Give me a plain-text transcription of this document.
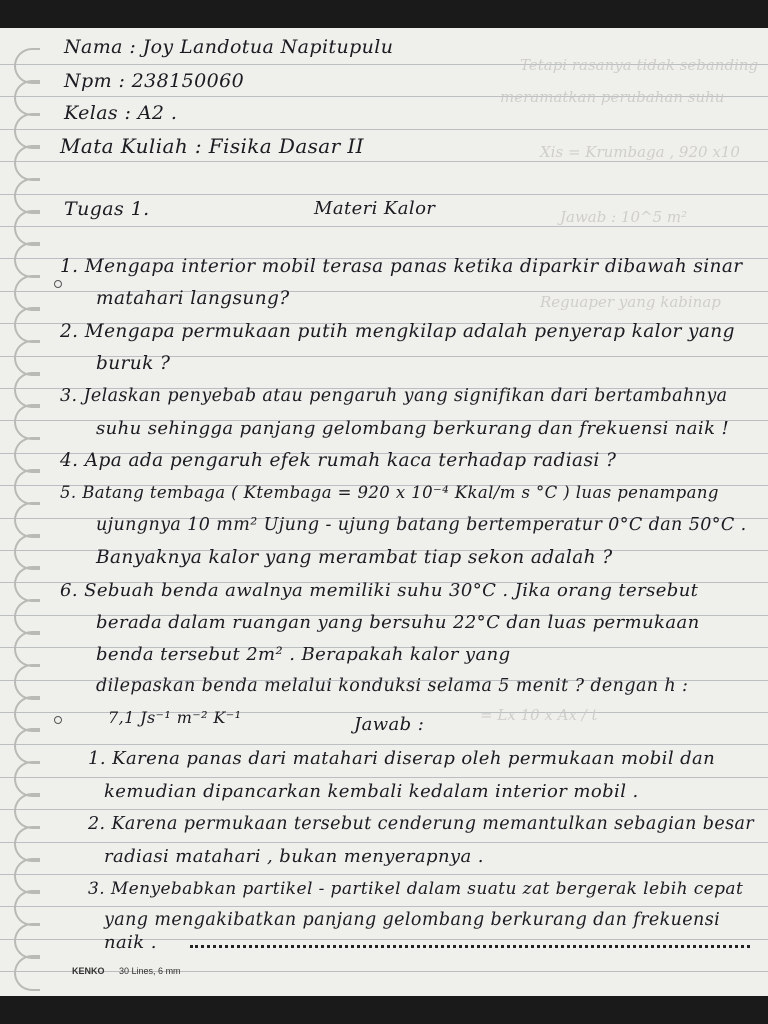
Tetapi rasanya tidak sebanding
meramatkan perubahan suhu
Xis = Krumbaga , 920 x10
Jawab : 10^5 m²
Reguaper yang kabinap
= Lx 10 x Ax / t
Nama : Joy Landotua Napitupulu
Npm : 238150060
Kelas : A2 .
Mata Kuliah : Fisika Dasar II
Tugas 1.	Materi Kalor
1. Mengapa interior mobil terasa panas ketika diparkir dibawah sinar
matahari langsung?
2. Mengapa permukaan putih mengkilap adalah penyerap kalor yang
buruk ?
3. Jelaskan penyebab atau pengaruh yang signifikan dari bertambahnya
suhu sehingga panjang gelombang berkurang dan frekuensi naik !
4. Apa ada pengaruh efek rumah kaca terhadap radiasi ?
5. Batang tembaga ( Ktembaga = 920 x 10⁻⁴ Kkal/m s °C ) luas penampang
ujungnya 10 mm² Ujung - ujung batang bertemperatur 0°C dan 50°C .
Banyaknya kalor yang merambat tiap sekon adalah ?
6. Sebuah benda awalnya memiliki suhu 30°C . Jika orang tersebut
berada dalam ruangan yang bersuhu 22°C dan luas permukaan
benda tersebut 2m² . Berapakah kalor yang
dilepaskan benda melalui konduksi selama 5 menit ? dengan h :
7,1 Js⁻¹ m⁻² K⁻¹	Jawab :
1. Karena panas dari matahari diserap oleh permukaan mobil dan
kemudian dipancarkan kembali kedalam interior mobil .
2. Karena permukaan tersebut cenderung memantulkan sebagian besar
radiasi matahari , bukan menyerapnya .
3. Menyebabkan partikel - partikel dalam suatu zat bergerak lebih cepat
yang mengakibatkan panjang gelombang berkurang dan frekuensi
naik .
KENKO 30 Lines, 6 mm
